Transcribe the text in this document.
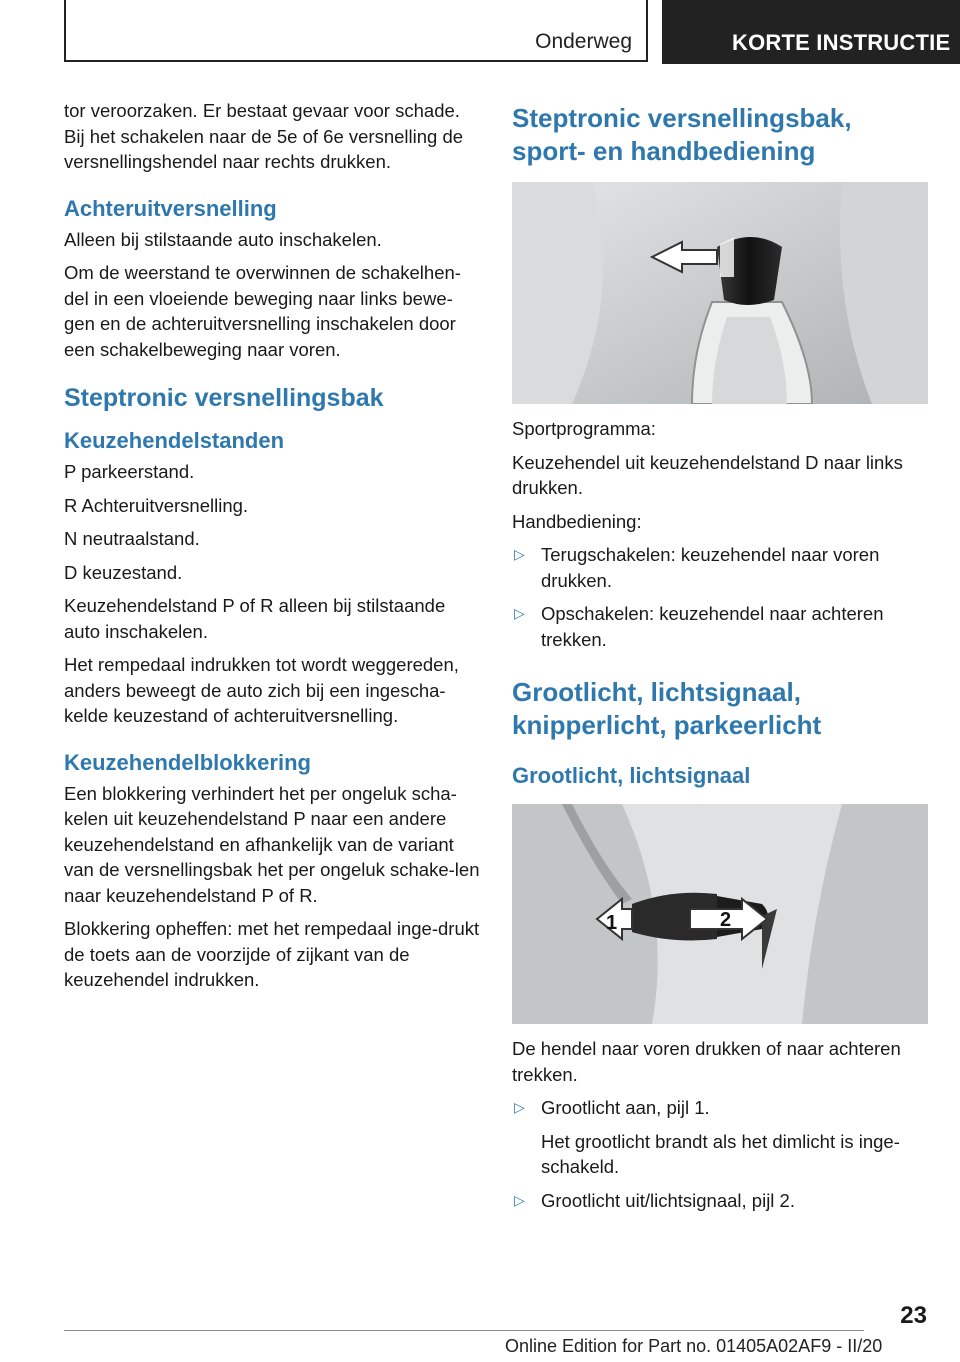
Onderweg	KORTE INSTRUCTIE

tor veroorzaken. Er bestaat gevaar voor schade. Bij het schakelen naar de 5e of 6e versnelling de versnellingshendel naar rechts drukken.

Achteruitversnelling

Alleen bij stilstaande auto inschakelen.

Om de weerstand te overwinnen de schakelhen-del in een vloeiende beweging naar links bewe-gen en de achteruitversnelling inschakelen door een schakelbeweging naar voren.

Steptronic versnellingsbak
Keuzehendelstanden

P parkeerstand.

R Achteruitversnelling.

N neutraalstand.

D keuzestand.

Keuzehendelstand P of R alleen bij stilstaande auto inschakelen.

Het rempedaal indrukken tot wordt weggereden, anders beweegt de auto zich bij een ingescha-kelde keuzestand of achteruitversnelling.

Keuzehendelblokkering

Een blokkering verhindert het per ongeluk scha-kelen uit keuzehendelstand P naar een andere keuzehendelstand en afhankelijk van de variant van de versnellingsbak het per ongeluk schake-len naar keuzehendelstand P of R.

Blokkering opheffen: met het rempedaal inge-drukt de toets aan de voorzijde of zijkant van de keuzehendel indrukken.

Steptronic versnellingsbak, sport- en handbediening

Sportprogramma:

Keuzehendel uit keuzehendelstand D naar links drukken.

Handbediening:

▷ Terugschakelen: keuzehendel naar voren drukken.
▷ Opschakelen: keuzehendel naar achteren trekken.
Grootlicht, lichtsignaal, knipperlicht, parkeerlicht
Grootlicht, lichtsignaal
1	2

De hendel naar voren drukken of naar achteren trekken.

▷ Grootlicht aan, pijl 1.
Het grootlicht brandt als het dimlicht is inge-schakeld.
▷ Grootlicht uit/lichtsignaal, pijl 2.
23
Online Edition for Part no. 01405A02AF9 - II/20
